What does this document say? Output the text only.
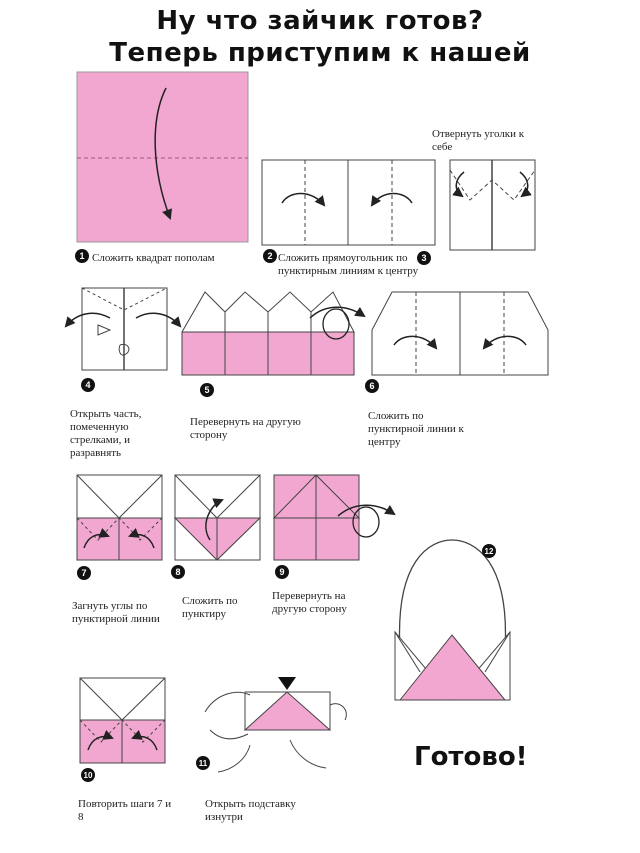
Ну что зайчик готов?
Теперь приступим к нашей
1	2	3
4	5	6
7	8	9
10
11
12
Сложить квадрат пополам	Сложить прямоугольник по пунктирным линиям к центру
Отвернуть уголки к себе
Открыть часть, помеченную стрелками, и разравнять
Перевернуть на другую сторону
Сложить по пунктирной линии к центру
Загнуть углы по пунктирной линии
Сложить по пунктиру
Перевернуть на другую сторону
Повторить шаги 7 и 8
Открыть подставку изнутри
Готово!
